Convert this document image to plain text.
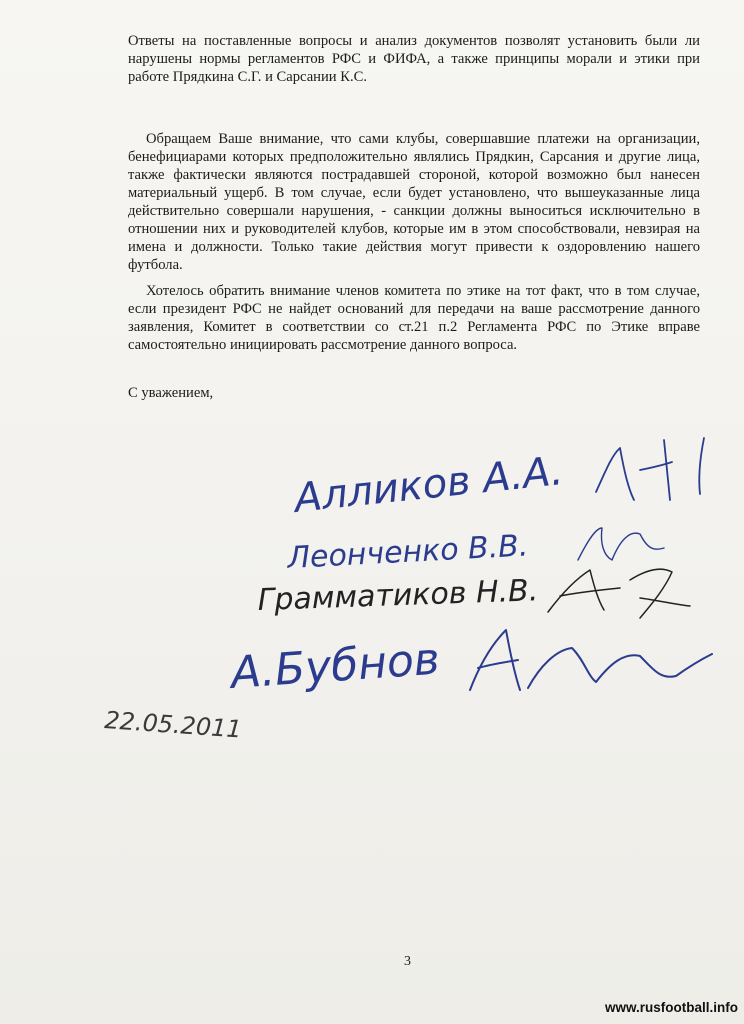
Ответы на поставленные вопросы и анализ документов позволят установить были ли нарушены нормы регламентов РФС и ФИФА, а также принципы морали и этики при работе Прядкина С.Г. и Сарсании К.С.

Обращаем Ваше внимание, что сами клубы, совершавшие платежи на организации, бенефициарами которых предположительно являлись Прядкин, Сарсания и другие лица, также фактически являются пострадавшей стороной, которой возможно был нанесен материальный ущерб. В том случае, если будет установлено, что вышеуказанные лица действительно совершали нарушения, - санкции должны выноситься исключительно в отношении них и руководителей клубов, которые им в этом способствовали, невзирая на имена и должности. Только такие действия могут привести к оздоровлению нашего футбола.

Хотелось обратить внимание членов комитета по этике на тот факт, что в том случае, если президент РФС не найдет оснований для передачи на ваше рассмотрение данного заявления, Комитет в соответствии со ст.21 п.2 Регламента РФС по Этике вправе самостоятельно инициировать рассмотрение данного вопроса.

С уважением,

Алликов А.А.
Леонченко В.В.
Грамматиков Н.В.
А.Бубнов
22.05.2011
3
www.rusfootball.info
